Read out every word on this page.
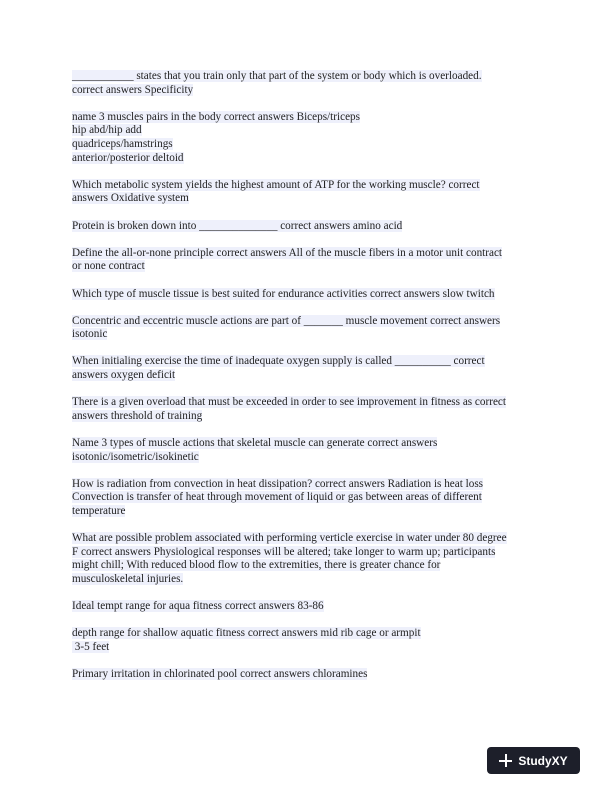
___________ states that you train only that part of the system or body which is overloaded.
correct answers Specificity
name 3 muscles pairs in the body correct answers Biceps/triceps
hip abd/hip add
quadriceps/hamstrings
anterior/posterior deltoid
Which metabolic system yields the highest amount of ATP for the working muscle? correct
answers Oxidative system
Protein is broken down into ______________ correct answers amino acid
Define the all-or-none principle correct answers All of the muscle fibers in a motor unit contract
or none contract
Which type of muscle tissue is best suited for endurance activities correct answers slow twitch
Concentric and eccentric muscle actions are part of _______ muscle movement correct answers
isotonic
When initialing exercise the time of inadequate oxygen supply is called __________ correct
answers oxygen deficit
There is a given overload that must be exceeded in order to see improvement in fitness as correct
answers threshold of training
Name 3 types of muscle actions that skeletal muscle can generate correct answers
isotonic/isometric/isokinetic
How is radiation from convection in heat dissipation? correct answers Radiation is heat loss
Convection is transfer of heat through movement of liquid or gas between areas of different
temperature
What are possible problem associated with performing verticle exercise in water under 80 degree
F correct answers Physiological responses will be altered; take longer to warm up; participants
might chill; With reduced blood flow to the extremities, there is greater chance for
musculoskeletal injuries.
Ideal tempt range for aqua fitness correct answers 83-86
depth range for shallow aquatic fitness correct answers mid rib cage or armpit
3-5 feet
Primary irritation in chlorinated pool correct answers chloramines
StudyXY
